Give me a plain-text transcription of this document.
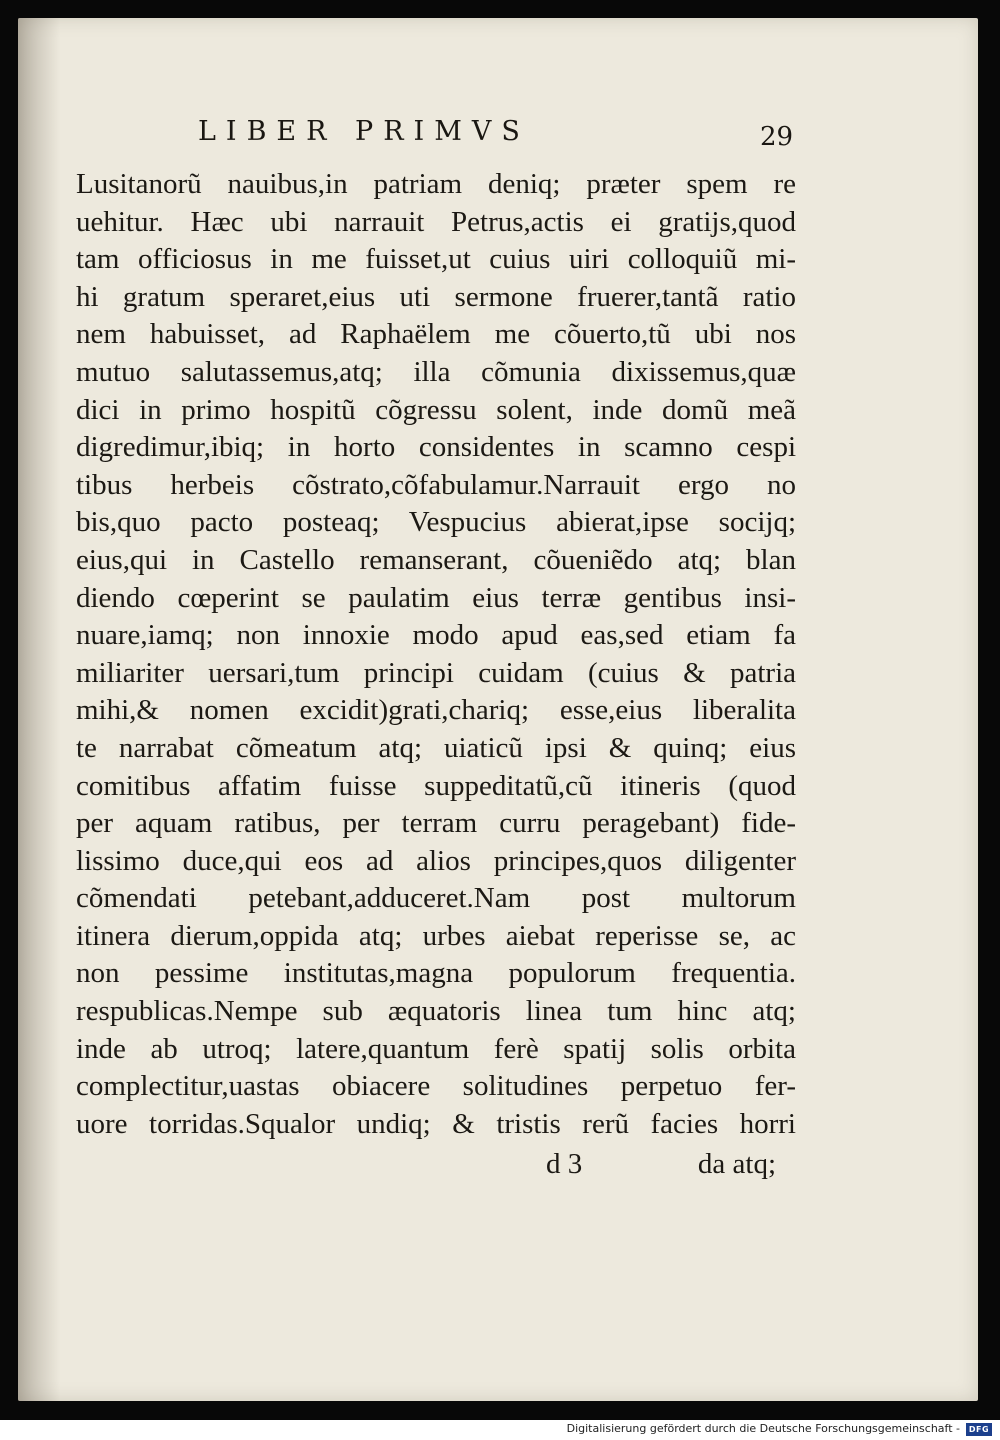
LIBER PRIMVS	29
Lusitanorũ nauibus,in patriam deniq; præter spem re
uehitur. Hæc ubi narrauit Petrus,actis ei gratijs,quod
tam officiosus in me fuisset,ut cuius uiri colloquiũ mi-
hi gratum speraret,eius uti sermone fruerer,tantã ratio
nem habuisset, ad Raphaëlem me cõuerto,tũ ubi nos
mutuo salutassemus,atq; illa cõmunia dixissemus,quæ
dici in primo hospitũ cõgressu solent, inde domũ meã
digredimur,ibiq; in horto considentes in scamno cespi
tibus herbeis cõstrato,cõfabulamur.Narrauit ergo no
bis,quo pacto posteaq; Vespucius abierat,ipse socijq;
eius,qui in Castello remanserant, cõueniẽdo atq; blan
diendo cœperint se paulatim eius terræ gentibus insi-
nuare,iamq; non innoxie modo apud eas,sed etiam fa
miliariter uersari,tum principi cuidam (cuius & patria
mihi,& nomen excidit)grati,chariq; esse,eius liberalita
te narrabat cõmeatum atq; uiaticũ ipsi & quinq; eius
comitibus affatim fuisse suppeditatũ,cũ itineris (quod
per aquam ratibus, per terram curru peragebant) fide-
lissimo duce,qui eos ad alios principes,quos diligenter
cõmendati petebant,adduceret.Nam post multorum
itinera dierum,oppida atq; urbes aiebat reperisse se, ac
non pessime institutas,magna populorum frequentia.
respublicas.Nempe sub æquatoris linea tum hinc atq;
inde ab utroq; latere,quantum ferè spatij solis orbita
complectitur,uastas obiacere solitudines perpetuo fer-
uore torridas.Squalor undiq; & tristis rerũ facies horri
d 3	da atq;
Digitalisierung gefördert durch die Deutsche Forschungsgemeinschaft -	DFG
